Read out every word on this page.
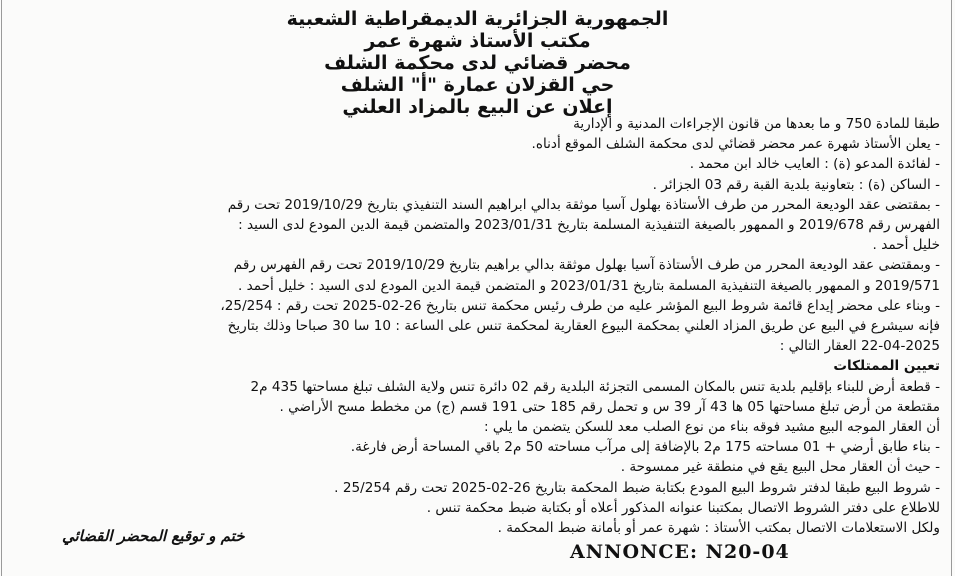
الجمهورية الجزائرية الديمقراطية الشعبية
مكتب الأستاذ شهرة عمر
محضر قضائي لدى محكمة الشلف
حي القزلان عمارة "أ" الشلف
إعلان عن البيع بالمزاد العلني
طبقا للمادة 750 و ما بعدها من قانون الإجراءات المدنية و الإدارية
- يعلن الأستاذ شهرة عمر محضر قضائي لدى محكمة الشلف الموقع أدناه.
- لفائدة المدعو (ة) : العايب خالد ابن محمد .
- الساكن (ة) : بتعاونية بلدية القبة رقم 03 الجزائر .
- بمقتضى عقد الوديعة المحرر من طرف الأستاذة بهلول آسيا موثقة بدالي ابراهيم السند التنفيذي بتاريخ 2019/10/29 تحت رقم
الفهرس رقم 2019/678 و الممهور بالصيغة التنفيذية المسلمة بتاريخ 2023/01/31 والمتضمن قيمة الدين المودع لدى السيد :
خليل أحمد .
- وبمقتضى عقد الوديعة المحرر من طرف الأستاذة آسيا بهلول موثقة بدالي براهيم بتاريخ 2019/10/29 تحت رقم الفهرس رقم
2019/571 و الممهور بالصيغة التنفيذية المسلمة بتاريخ 2023/01/31 و المتضمن قيمة الدين المودع لدى السيد : خليل أحمد .
- وبناء على محضر إيداع قائمة شروط البيع المؤشر عليه من طرف رئيس محكمة تنس بتاريخ 26-02-2025 تحت رقم : 25/254،
فإنه سيشرع في البيع عن طريق المزاد العلني بمحكمة البيوع العقارية لمحكمة تنس على الساعة : 10 سا 30 صباحا وذلك بتاريخ
22-04-2025 العقار التالي :
تعيين الممتلكات
- قطعة أرض للبناء بإقليم بلدية تنس بالمكان المسمى التجزئة البلدية رقم 02 دائرة تنس ولاية الشلف تبلغ مساحتها 435 م2
مقتطعة من أرض تبلغ مساحتها 05 ها 43 آر 39 س و تحمل رقم 185 حتى 191 قسم (ج) من مخطط مسح الأراضي .
أن العقار الموجه البيع مشيد فوقه بناء من نوع الصلب معد للسكن يتضمن ما يلي :
- بناء طابق أرضي + 01 مساحته 175 م2 بالإضافة إلى مرآب مساحته 50 م2 باقي المساحة أرض فارغة.
- حيث أن العقار محل البيع يقع في منطقة غير ممسوحة .
- شروط البيع طبقا لدفتر شروط البيع المودع بكتابة ضبط المحكمة بتاريخ 26-02-2025 تحت رقم 25/254 .
للاطلاع على دفتر الشروط الاتصال بمكتبنا عنوانه المذكور أعلاه أو بكتابة ضبط محكمة تنس .
ولكل الاستعلامات الاتصال بمكتب الأستاذ : شهرة عمر أو بأمانة ضبط المحكمة .
ختم و توقيع المحضر القضائي
ANNONCE: N20-04
